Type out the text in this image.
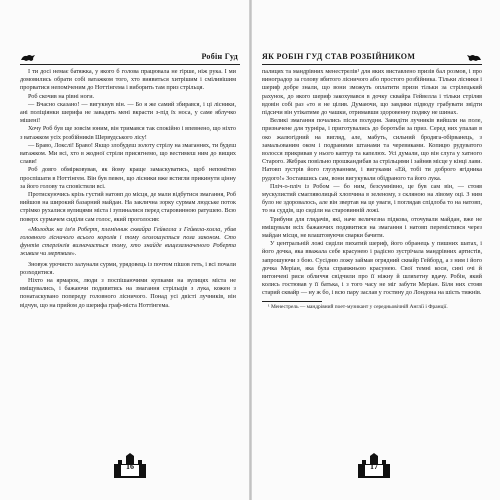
Робін Гуд

І ти досі немає батяжка, у якого б голова працювала не гірше, ніж рука. І ми домовились обрати собі ватажком того, хто виявиться хитрішим і сміливішим прорватися непоміченим до Ноттінгема і виборить там приз стрільця.

Роб скочив на рівні ноги.

— Вчасно сказано! — вигукнув він. — Бо я же самий збирався, і ці лісники, ані поліціянки шерифа не завадять мені вкрасти з-під їх носа, у саме яблучко мішені!

Хочу Роб був ще зовсім юним, він тримався так спокійно і впевнено, що ніхто з ватажком усіх розбійників Шервудського лісу!

— Браво, Локслі! Браво! Якщо злобудеш золоту стрілу на змаганнях, ти будеш ватажком. Ми всі, хто в жодної стріли присягнемо, що вестимеш ним до вищих слави!

Роб довго обмірковував, як йому краще замаскуватись, щоб непомітно проспішати в Ноттінгем. Він був певен, що лісники вже встигли прикинути цінну за його голову та сповістили всі.

Протискуючись крізь густий натовп до місця, де мали відбутися змагання, Роб вийшов на широкий базарний майдан. На заклична зорку сурмам людське поток стрімко рухалися вулицями міста і зупиналися перед старовинною ратушею. Всю поверх сурмачем сиділи сам голос, який проголосив:

«Молодик на ім'я Роберт, племінник сквайра Гейвелла з Гейвела-холла, убив головного лісничого всього королів і тому оголошується поза законом. Сто фунтів стерлінгів визначається тому, хто знайде вищезазначеного Роберта живим чи мертвим».

Зновуж урочисто залунали сурми, урядовець із почтом пішов геть, і всі почали розходитися.

Ніхто на ярмарок, люди з поспішаючими купками на вулицях міста не вміщувались, і бажаючи подивитись на змагання стрільців з лука, кожен з понатаскувано попереду головного лісничого. Понад усі двісті лучників, він відчув, що на прийом до шерифа граф-міста Ноттінгема.

16
ЯК РОБІН ГУД СТАВ РОЗБІЙНИКОМ

палицях та мандрівних менестрелів¹ для яких виставлено призів бал розмов, і про виноградор за голову вбитого лісничого або простого розбійника. Тільки лісники і шериф добре знали, що вони зможуть оплатити призи тільки за стрілецький рахунок, до якого шериф закохувався в дочку сквайра Гейвелла і тільки стріляв вдовін собі раз «то я не цілив. Думаючи, що завдяки підводу грабувати звідти підсичи він утікатиме до чашки, отримавши здоровенну подяку не шинах.

Великі змагання почались після полудня. Завидіти лучників вийшли на поле, призначене для турніра, і приготувались до боротьби за приз. Серед них упалав в око жалюгідний на вигляд, але, мабуть, сильний бродяга-обірванець, з замальованим оком і подраними штанами та черевиками. Копицю рудуватого волосся прикривав у нього каптур та капелюх. Усі думали, що він слуга у хатного Старого. Жебрак повільно прошкандибав за стрільцями і зайняв місце у кінці лави. Натовп зустрів його глузуванням, і вигуками «Ей, тобі ти доброго ягідника рудого!» Зоставшись сам, вони вигукували обідраного та його лука.

Пліч-о-пліч із Робом — бо ним, безсумнівно, це був сам він, — стояв мускулистий смагляволицьй хлопчина в зеленому, з скляною на лівому оці. З ним було не здоровалось, але він звертав на це уваги, і поглядав спідлоба то на натовп, то на суддів, що сиділи на старовинній ложі.

Трибуни для глядачів, які, наче величезна підкова, оточували майдан, вже не вміщували всіх бажаючих подивитися на змагання і натовп перемістився через майдан місця, не влаштовуючи сварки бачити.

У центральній ложі сиділи пихатий шериф, його обранець у пишних шатах, і його дочка, яка вважала себе красунею і радісно зустрічала мандрівних артистів, запрошуючи з бою. Сусідню ложу займав огрядний сквайр Гейборд, а з ним і його дочка Меріан, яка була справжньою красунею. Свої темні коси, сині очі й витончені риси обличчя свідчили про її ніжну й шляхетну вдачу. Робін, який колись гостював у її батька, і з того часу не міг забути Меріан. Біля них стояв старий сквайр — ну ж бо, і всю пару заслав у гостину до Лондона на шість тижнів.

¹ Менестрель — мандрівний поет-музикант у середньовічній Англії і Франції.
17
